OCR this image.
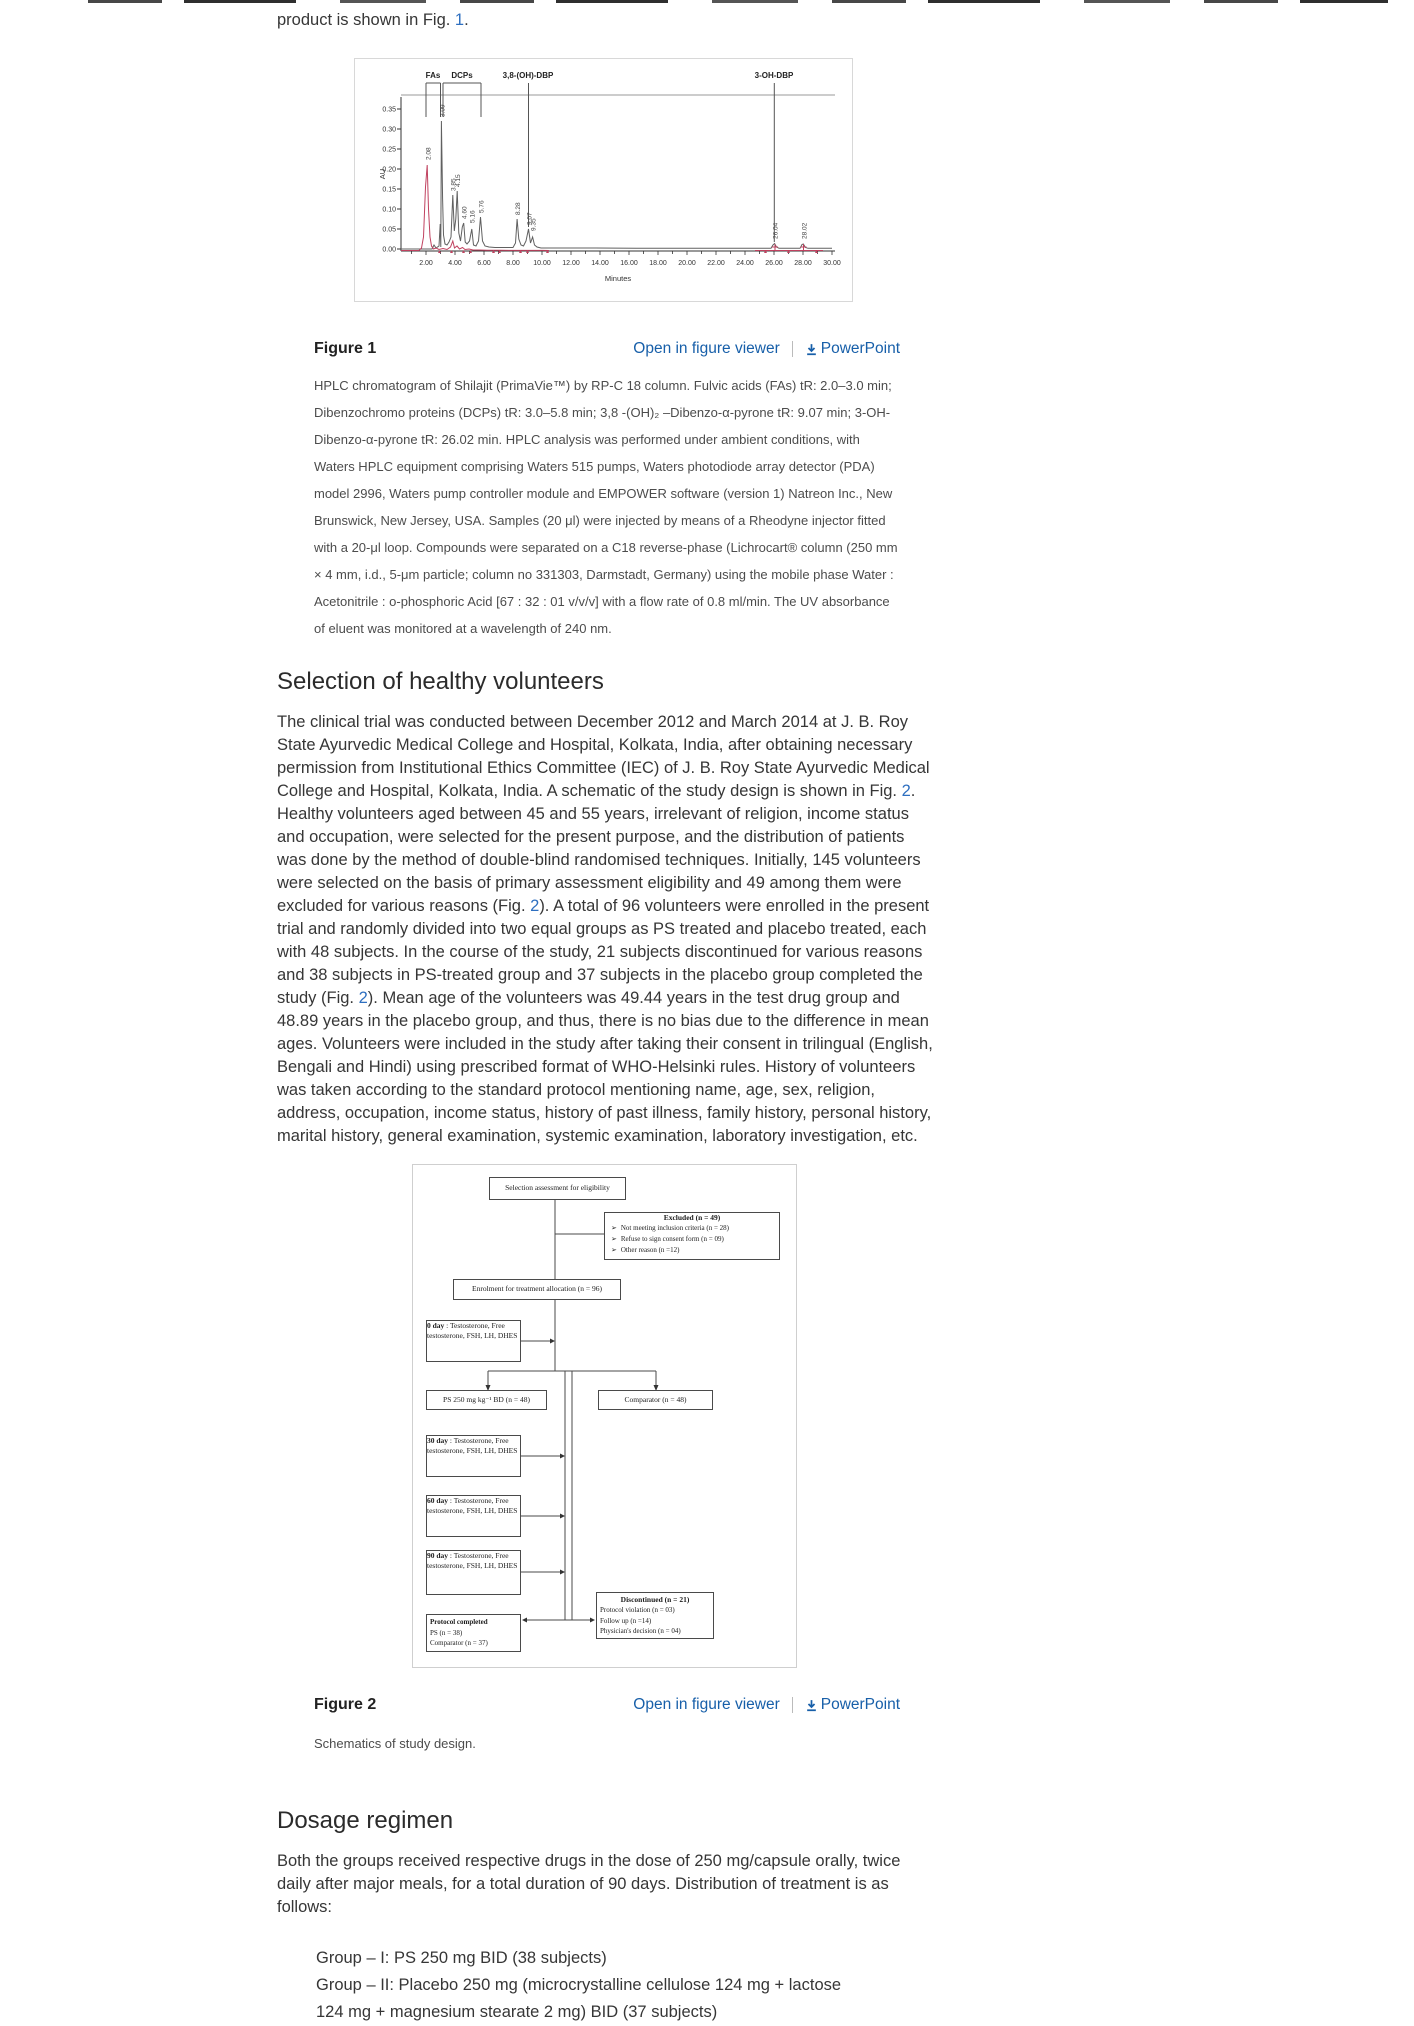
product is shown in Fig. 1.

FAs DCPs	3,8-(OH)-DBP	3-OH-DBP
0.00
0.05
0.10
0.15
0.20
0.25
0.30
0.35
2.00 4.00 6.00 8.00 10.00 12.00 14.00 16.00 18.00 20.00 22.00 24.00 26.00 28.00 30.00
Minutes
AU
2.08
3.09
3.85
4.15
4.60 5.16
5.76	8.28
9.07
9.35	26.04	28.02
Figure 1	Open in figure viewer	PowerPoint
HPLC chromatogram of Shilajit (PrimaVie™) by RP-C 18 column. Fulvic acids (FAs) tR: 2.0–3.0 min; Dibenzochromo proteins (DCPs) tR: 3.0–5.8 min; 3,8 -(OH)₂ –Dibenzo-α-pyrone tR: 9.07 min; 3-OH- Dibenzo-α-pyrone tR: 26.02 min. HPLC analysis was performed under ambient conditions, with Waters HPLC equipment comprising Waters 515 pumps, Waters photodiode array detector (PDA) model 2996, Waters pump controller module and EMPOWER software (version 1) Natreon Inc., New Brunswick, New Jersey, USA. Samples (20 μl) were injected by means of a Rheodyne injector fitted with a 20-μl loop. Compounds were separated on a C18 reverse-phase (Lichrocart® column (250 mm × 4 mm, i.d., 5-μm particle; column no 331303, Darmstadt, Germany) using the mobile phase Water : Acetonitrile : o-phosphoric Acid [67 : 32 : 01 v/v/v] with a flow rate of 0.8 ml/min. The UV absorbance of eluent was monitored at a wavelength of 240 nm.
Selection of healthy volunteers

The clinical trial was conducted between December 2012 and March 2014 at J. B. Roy State Ayurvedic Medical College and Hospital, Kolkata, India, after obtaining necessary permission from Institutional Ethics Committee (IEC) of J. B. Roy State Ayurvedic Medical College and Hospital, Kolkata, India. A schematic of the study design is shown in Fig. 2. Healthy volunteers aged between 45 and 55 years, irrelevant of religion, income status and occupation, were selected for the present purpose, and the distribution of patients was done by the method of double-blind randomised techniques. Initially, 145 volunteers were selected on the basis of primary assessment eligibility and 49 among them were excluded for various reasons (Fig. 2). A total of 96 volunteers were enrolled in the present trial and randomly divided into two equal groups as PS treated and placebo treated, each with 48 subjects. In the course of the study, 21 subjects discontinued for various reasons and 38 subjects in PS-treated group and 37 subjects in the placebo group completed the study (Fig. 2). Mean age of the volunteers was 49.44 years in the test drug group and 48.89 years in the placebo group, and thus, there is no bias due to the difference in mean ages. Volunteers were included in the study after taking their consent in trilingual (English, Bengali and Hindi) using prescribed format of WHO-Helsinki rules. History of volunteers was taken according to the standard protocol mentioning name, age, sex, religion, address, occupation, income status, history of past illness, family history, personal history, marital history, general examination, systemic examination, laboratory investigation, etc.

Selection assessment for eligibility
Excluded (n = 49)
➢ Not meeting inclusion criteria (n = 28)
➢ Refuse to sign consent form (n = 09)
➢ Other reason (n =12)
Enrolment for treatment allocation (n = 96)
0 day : Testosterone, Free testosterone, FSH, LH, DHES
PS 250 mg kg⁻¹ BD (n = 48)	Comparator (n = 48)
30 day : Testosterone, Free testosterone, FSH, LH, DHES
60 day : Testosterone, Free testosterone, FSH, LH, DHES
90 day : Testosterone, Free testosterone, FSH, LH, DHES
Protocol completed
PS (n = 38)
Comparator (n = 37)
Discontinued (n = 21)
Protocol violation (n = 03)
Follow up (n =14)
Physician's decision (n = 04)
Figure 2	Open in figure viewer	PowerPoint
Schematics of study design.
Dosage regimen

Both the groups received respective drugs in the dose of 250 mg/capsule orally, twice daily after major meals, for a total duration of 90 days. Distribution of treatment is as follows:

Group – I: PS 250 mg BID (38 subjects)
Group – II: Placebo 250 mg (microcrystalline cellulose 124 mg + lactose 124 mg + magnesium stearate 2 mg) BID (37 subjects)
